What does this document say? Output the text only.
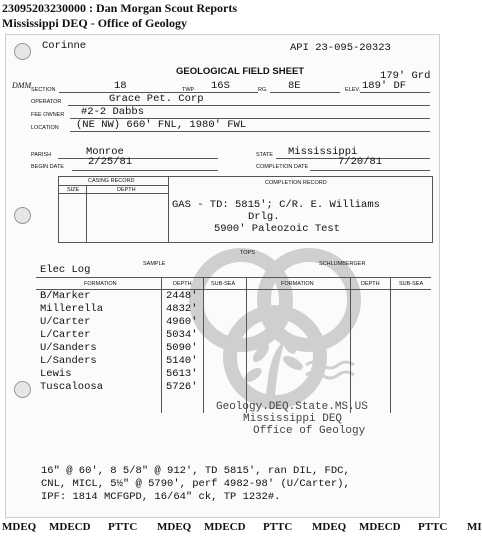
23095203230000 : Dan Morgan Scout Reports
Mississippi DEQ - Office of Geology
Corinne	API 23-095-20323
DMM
GEOLOGICAL FIELD SHEET	179' Grd
SECTION	18	TWP 16S	RG. 8E	ELEV. 189' DF
OPERATOR	Grace Pet. Corp
FEE OWNER #2-2 Dabbs
LOCATION (NE NW) 660' FNL, 1980' FWL
PARISH	Monroe	STATE Mississippi
BEGIN DATE 2/25/81	COMPLETION DATE	7/20/81
CASING RECORD
SIZE	DEPTH
COMPLETION RECORD
GAS - TD: 5815'; C/R. E. Williams
Drlg.
5900' Paleozoic Test
TOPS
SAMPLE	SCHLUMBERGER
Elec Log
FORMATION	DEPTH	SUB-SEA	FORMATION	DEPTH	SUB-SEA
B/Marker	2448'
Millerella	4832'
U/Carter	4960'
L/Carter	5034'
U/Sanders	5090'
L/Sanders	5140'
Lewis	5613'
Tuscaloosa	5726'
Geology.DEQ.State.MS.US
Mississippi DEQ
Office of Geology
16" @ 60', 8 5/8" @ 912', TD 5815', ran DIL, FDC,
CNL, MICL, 5½" @ 5790', perf 4982-98' (U/Carter),
IPF: 1814 MCFGPD, 16/64" ck, TP 1232#.
MDEQ MDECD PTTC MDEQ MDECD PTTC MDEQ MDECD PTTC MI
